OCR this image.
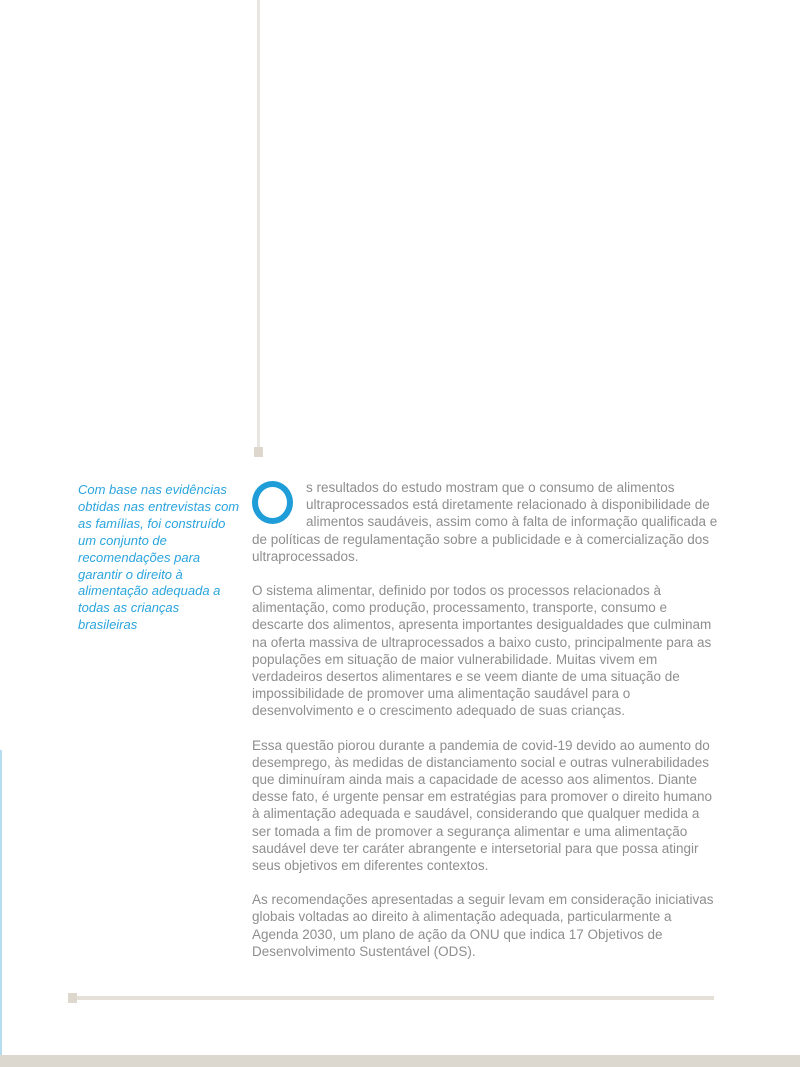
Com base nas evidências obtidas nas entrevistas com as famílias, foi construído um conjunto de recomendações para garantir o direito à alimentação adequada a todas as crianças brasileiras

s resultados do estudo mostram que o consumo de alimentos ultraprocessados está diretamente relacionado à disponibilidade de alimentos saudáveis, assim como à falta de informação qualificada e de políticas de regulamentação sobre a publicidade e à comercialização dos ultraprocessados.

O sistema alimentar, definido por todos os processos relacionados à alimentação, como produção, processamento, transporte, consumo e descarte dos alimentos, apresenta importantes desigualdades que culminam na oferta massiva de ultraprocessados a baixo custo, principalmente para as populações em situação de maior vulnerabilidade. Muitas vivem em verdadeiros desertos alimentares e se veem diante de uma situação de impossibilidade de promover uma alimentação saudável para o desenvolvimento e o crescimento adequado de suas crianças.

Essa questão piorou durante a pandemia de covid-19 devido ao aumento do desemprego, às medidas de distanciamento social e outras vulnerabilidades que diminuíram ainda mais a capacidade de acesso aos alimentos. Diante desse fato, é urgente pensar em estratégias para promover o direito humano à alimentação adequada e saudável, considerando que qualquer medida a ser tomada a fim de promover a segurança alimentar e uma alimentação saudável deve ter caráter abrangente e intersetorial para que possa atingir seus objetivos em diferentes contextos.

As recomendações apresentadas a seguir levam em consideração iniciativas globais voltadas ao direito à alimentação adequada, particularmente a Agenda 2030, um plano de ação da ONU que indica 17 Objetivos de Desenvolvimento Sustentável (ODS).
